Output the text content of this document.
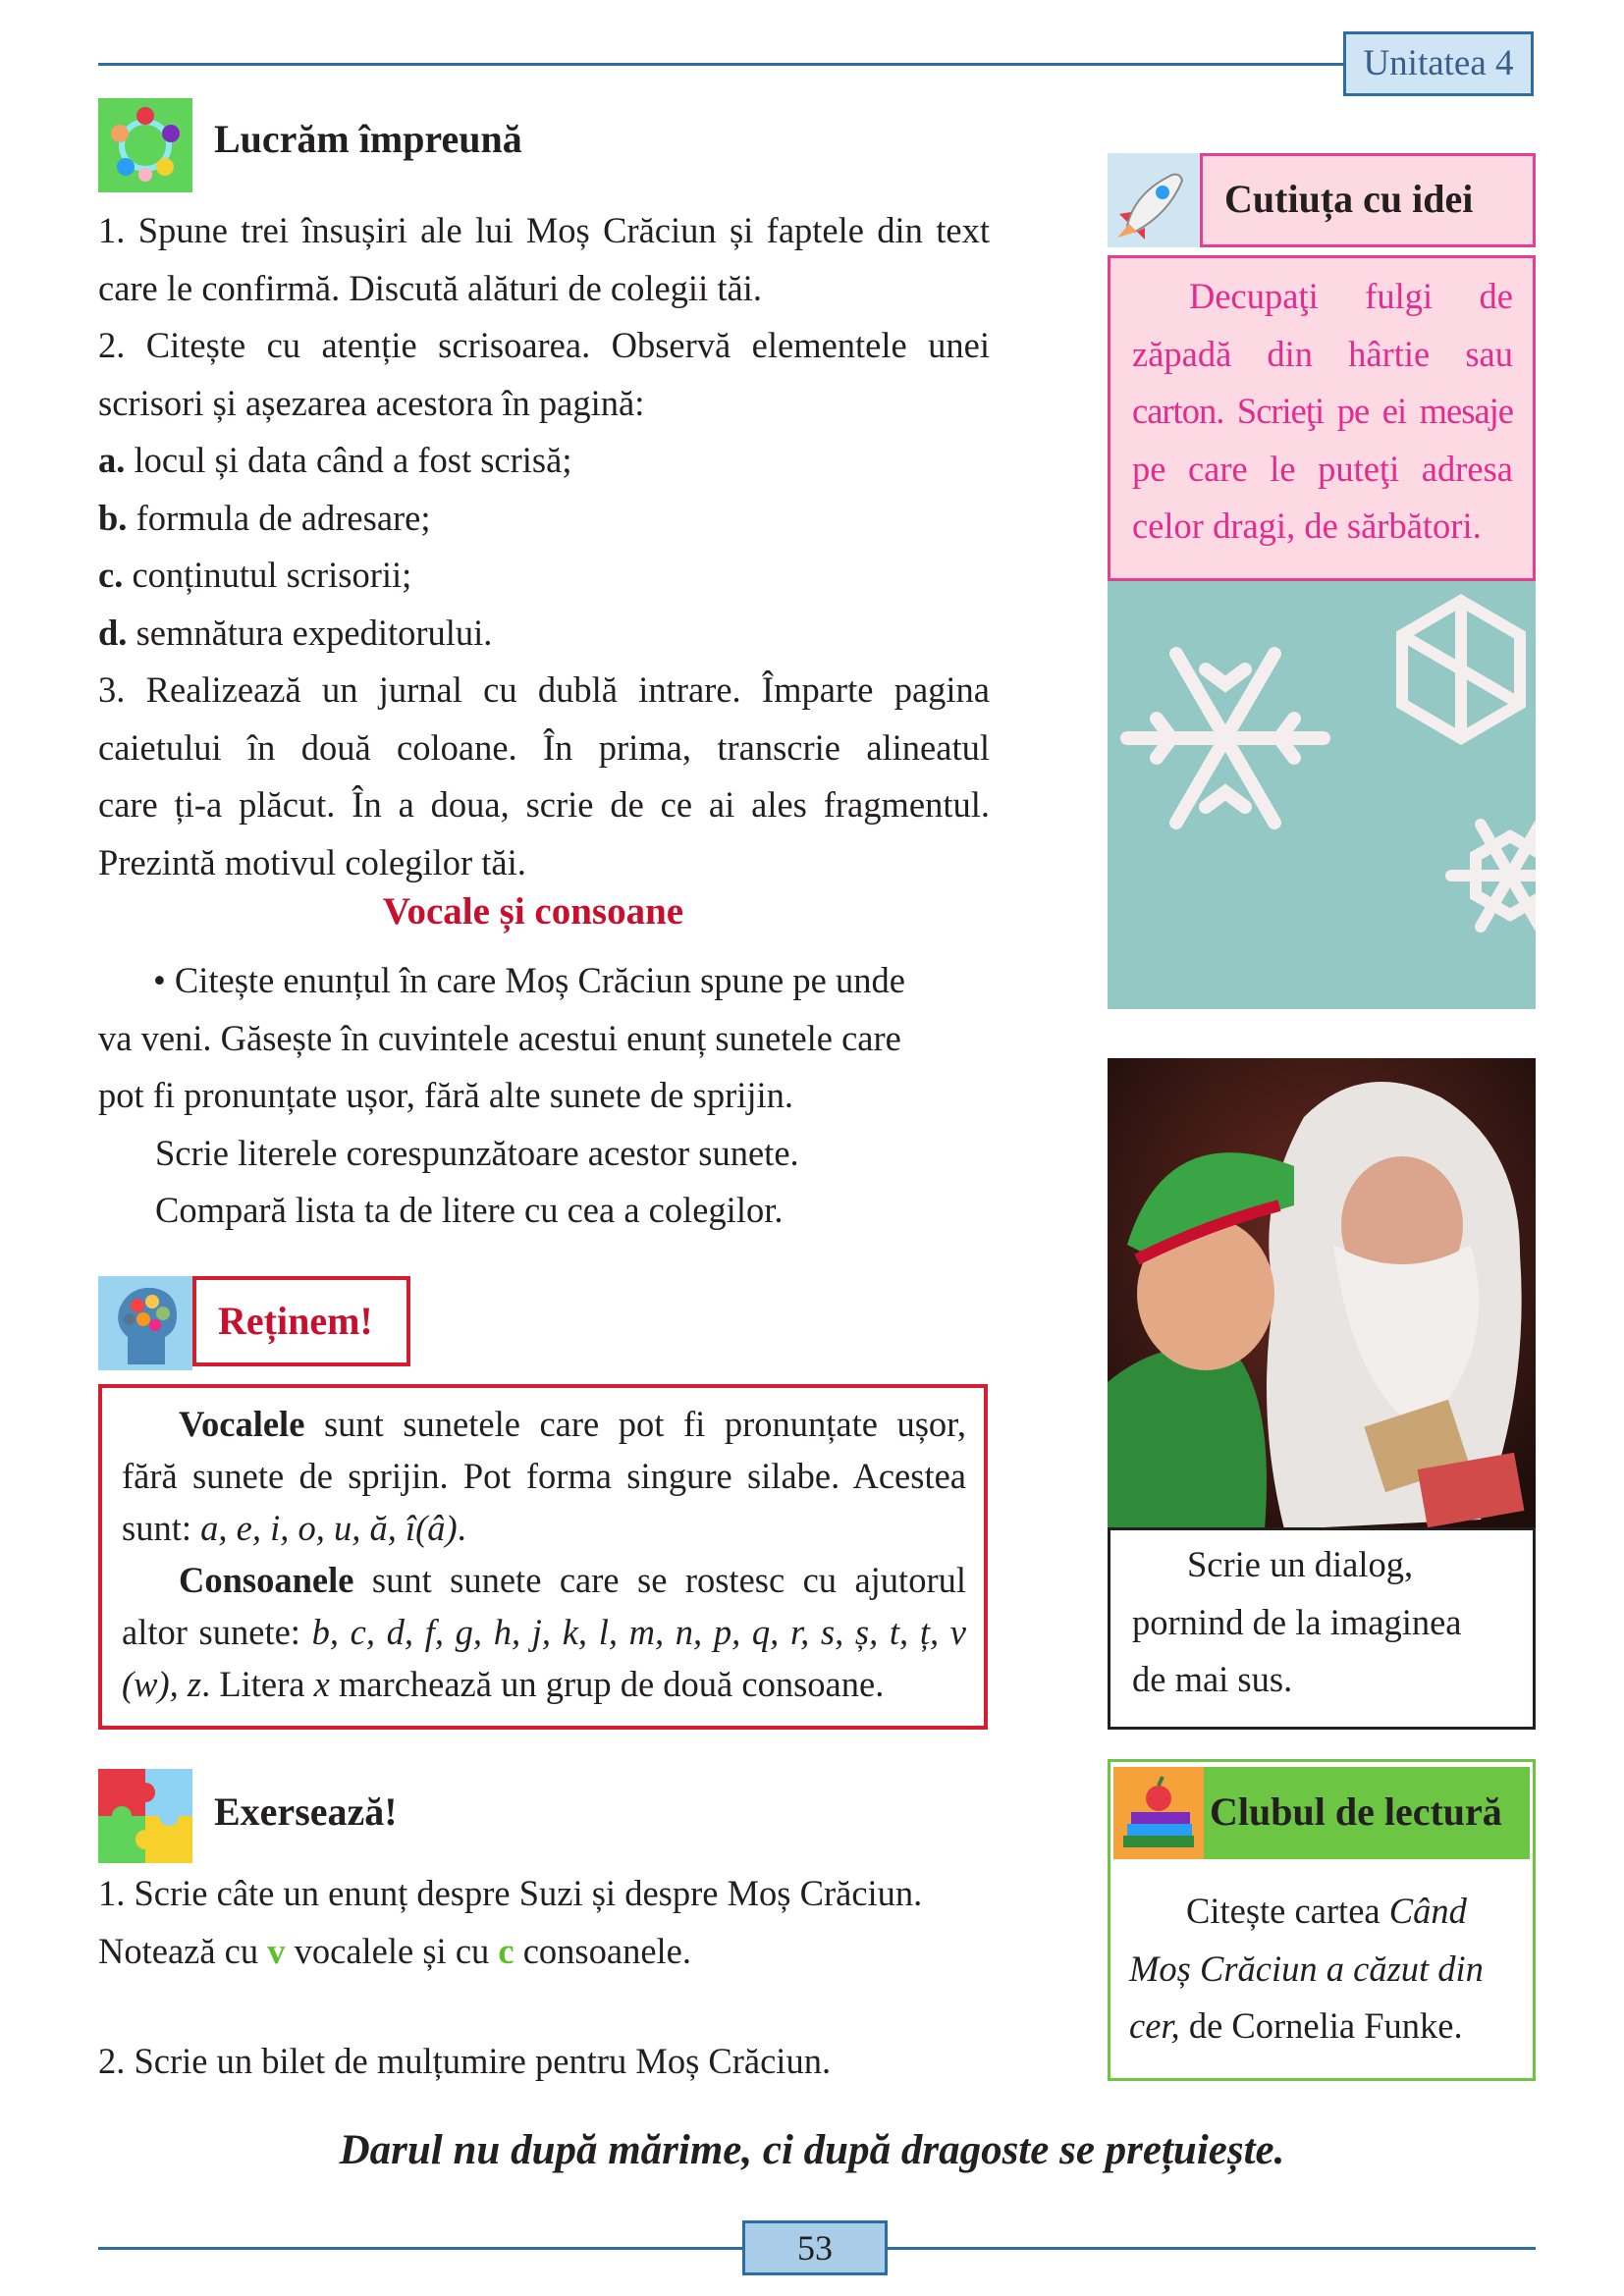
Unitatea 4
Lucrăm împreună
1. Spune trei însușiri ale lui Moș Crăciun și faptele din text
care le confirmă. Discută alături de colegii tăi.
2. Citește cu atenție scrisoarea. Observă elementele unei
scrisori și așezarea acestora în pagină:
a. locul și data când a fost scrisă;
b. formula de adresare;
c. conținutul scrisorii;
d. semnătura expeditorului.
3. Realizează un jurnal cu dublă intrare. Împarte pagina
caietului în două coloane. În prima, transcrie alineatul
care ți-a plăcut. În a doua, scrie de ce ai ales fragmentul.
Prezintă motivul colegilor tăi.
Vocale și consoane
• Citește enunțul în care Moș Crăciun spune pe unde
va veni. Găsește în cuvintele acestui enunț sunetele care
pot fi pronunțate ușor, fără alte sunete de sprijin.
Scrie literele corespunzătoare acestor sunete.
Compară lista ta de litere cu cea a colegilor.
Reținem!
Vocalele sunt sunetele care pot fi pronunțate ușor,
fără sunete de sprijin. Pot forma singure silabe. Acestea
sunt: a, e, i, o, u, ă, î(â).
Consoanele sunt sunete care se rostesc cu ajutorul
altor sunete: b, c, d, f, g, h, j, k, l, m, n, p, q, r, s, ș, t, ț, v
(w), z. Litera x marchează un grup de două consoane.
Exersează!
1. Scrie câte un enunț despre Suzi și despre Moș Crăciun.
Notează cu v vocalele și cu c consoanele.
2. Scrie un bilet de mulțumire pentru Moș Crăciun.
Cutiuța cu idei
Decupaţi fulgi de
zăpadă din hârtie sau
carton. Scrieţi pe ei mesaje
pe care le puteţi adresa
celor dragi, de sărbători.
Scrie un dialog,
pornind de la imaginea
de mai sus.
Clubul de lectură
Citește cartea Când
Moș Crăciun a căzut din
cer, de Cornelia Funke.
Darul nu după mărime, ci după dragoste se prețuiește.
53
